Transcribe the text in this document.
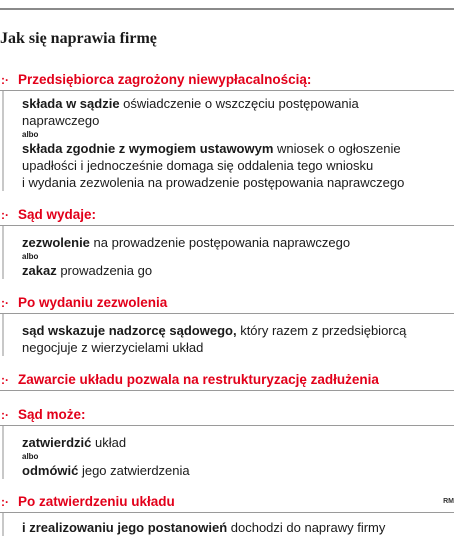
Jak się naprawia firmę
:· Przedsiębiorca zagrożony niewypłacalnością:
składa w sądzie oświadczenie o wszczęciu postępowania
naprawczego
albo
składa zgodnie z wymogiem ustawowym wniosek o ogłoszenie
upadłości i jednocześnie domaga się oddalenia tego wniosku
i wydania zezwolenia na prowadzenie postępowania naprawczego
:· Sąd wydaje:
zezwolenie na prowadzenie postępowania naprawczego
albo
zakaz prowadzenia go
:· Po wydaniu zezwolenia
sąd wskazuje nadzorcę sądowego, który razem z przedsiębiorcą
negocjuje z wierzycielami układ
:· Zawarcie układu pozwala na restrukturyzację zadłużenia
:· Sąd może:
zatwierdzić układ
albo
odmówić jego zatwierdzenia
:· Po zatwierdzeniu układu	RM
i zrealizowaniu jego postanowień dochodzi do naprawy firmy
